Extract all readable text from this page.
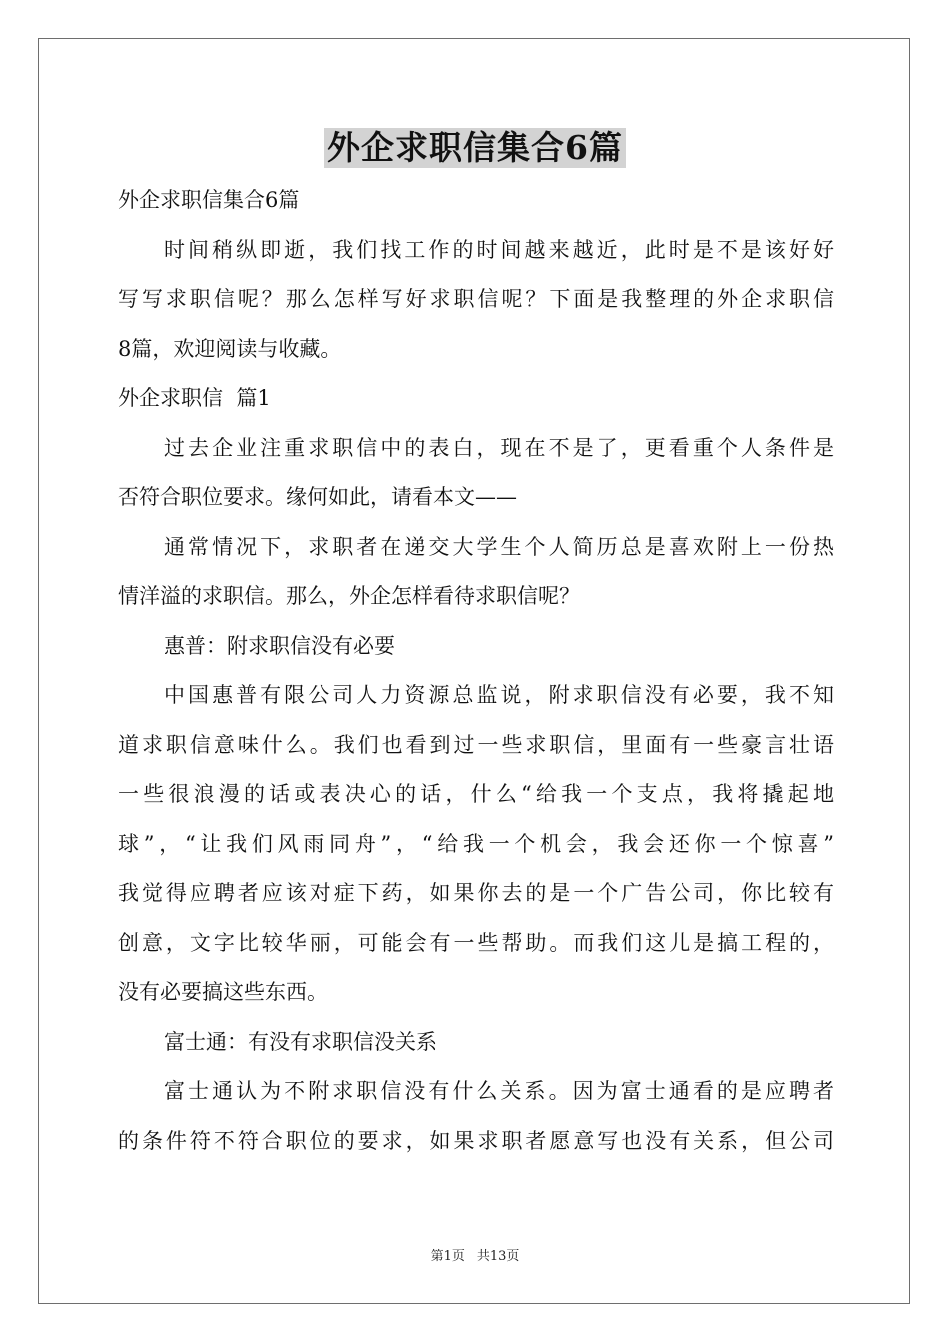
外企求职信集合6篇
外企求职信集合6篇
时间稍纵即逝，我们找工作的时间越来越近，此时是不是该好好
写写求职信呢？那么怎样写好求职信呢？下面是我整理的外企求职信
8篇，欢迎阅读与收藏。
外企求职信  篇1
过去企业注重求职信中的表白，现在不是了，更看重个人条件是
否符合职位要求。缘何如此，请看本文——
通常情况下，求职者在递交大学生个人简历总是喜欢附上一份热
情洋溢的求职信。那么，外企怎样看待求职信呢？
惠普：附求职信没有必要
中国惠普有限公司人力资源总监说，附求职信没有必要，我不知
道求职信意味什么。我们也看到过一些求职信，里面有一些豪言壮语
一些很浪漫的话或表决心的话，什么“给我一个支点，我将撬起地
球”，“让我们风雨同舟”，“给我一个机会，我会还你一个惊喜”
我觉得应聘者应该对症下药，如果你去的是一个广告公司，你比较有
创意，文字比较华丽，可能会有一些帮助。而我们这儿是搞工程的，
没有必要搞这些东西。
富士通：有没有求职信没关系
富士通认为不附求职信没有什么关系。因为富士通看的是应聘者
的条件符不符合职位的要求，如果求职者愿意写也没有关系，但公司
第1页 共13页
